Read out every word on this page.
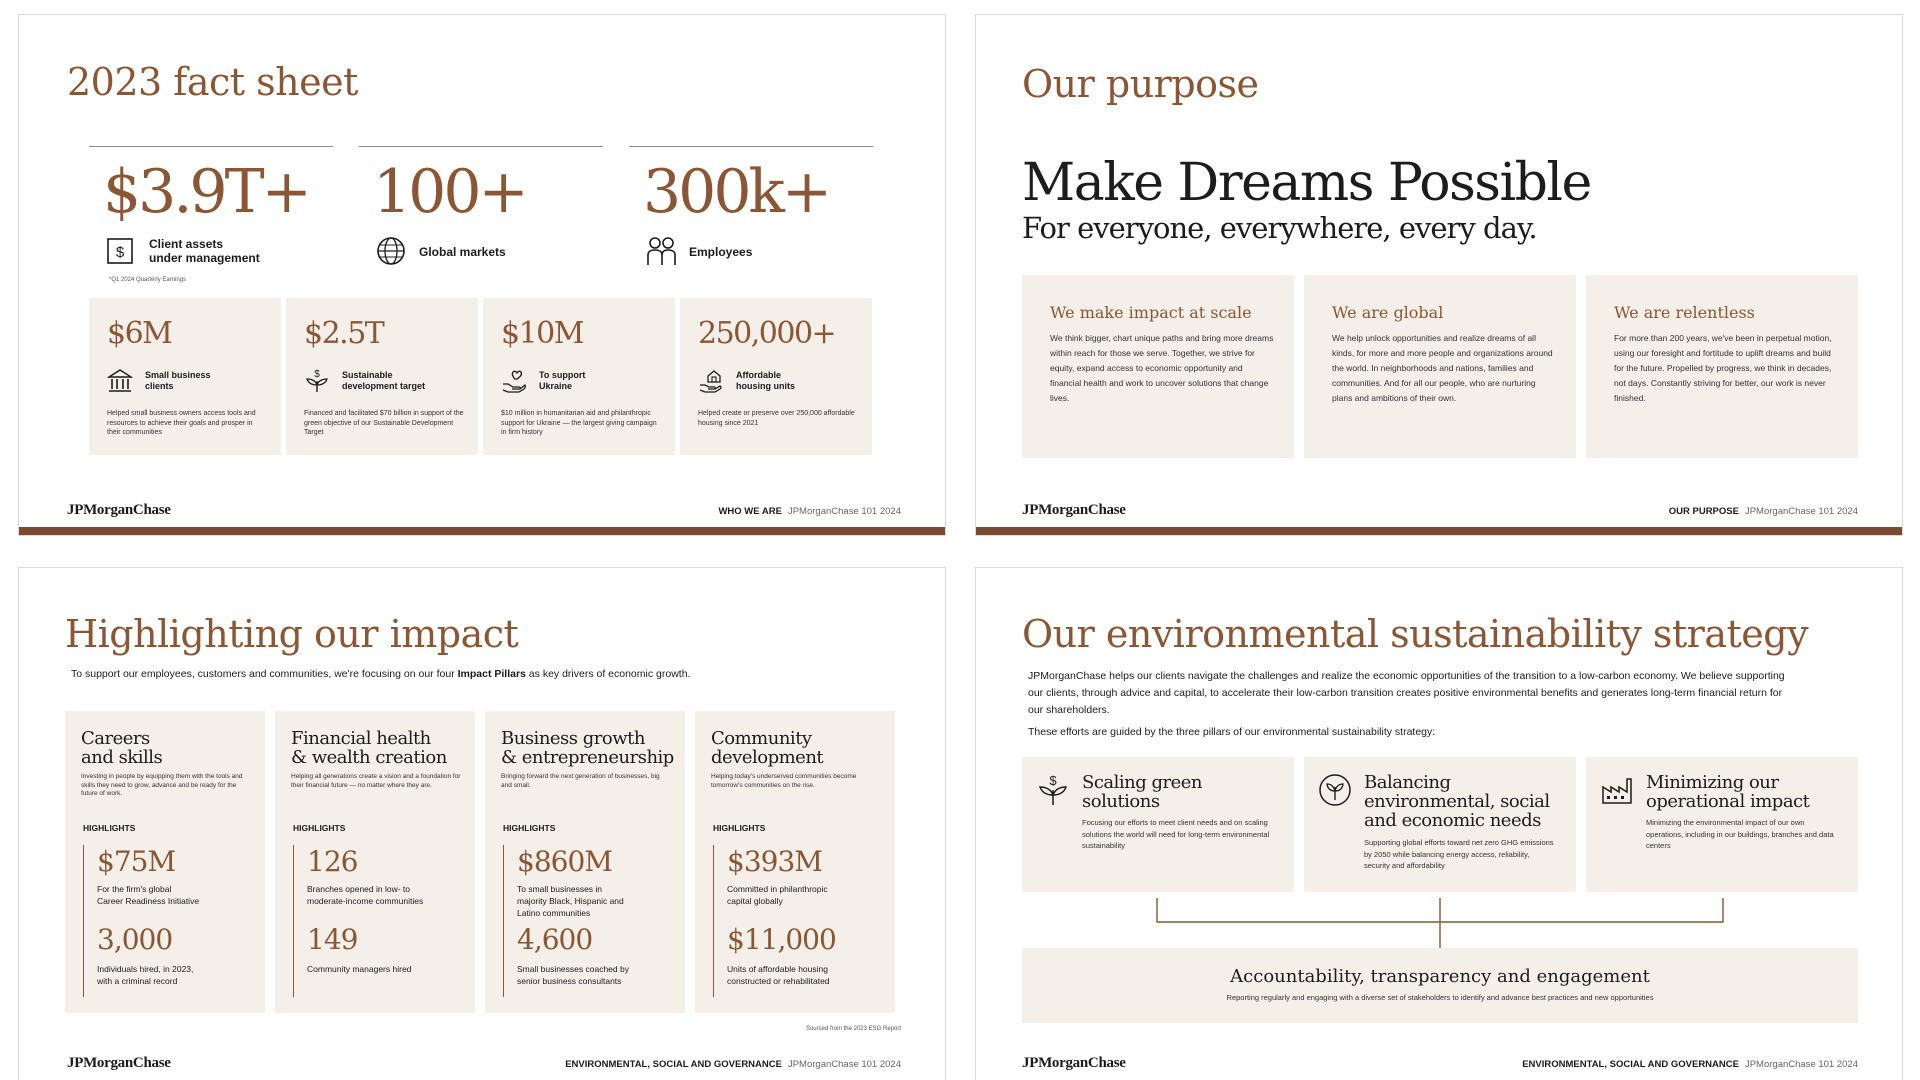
2023 fact sheet
$3.9T+
$ Client assets
under management
100+
Global markets
300k+
Employees
*Q1 2024 Quarterly Earnings
$6M
Small business
clients
Helped small business owners access tools and resources to achieve their goals and prosper in their communities
$2.5T
$ Sustainable
development target
Financed and facilitated $70 billion in support of the green objective of our Sustainable Development Target
$10M
To support
Ukraine
$10 million in humanitarian aid and philanthropic support for Ukraine — the largest giving campaign in firm history
250,000+
Affordable
housing units
Helped create or preserve over 250,000 affordable housing since 2021
JPMorganChase	WHO WE ARE JPMorganChase 101 2024
Our purpose
Make Dreams Possible
For everyone, everywhere, every day.
We make impact at scale
We think bigger, chart unique paths and bring more dreams within reach for those we serve. Together, we strive for equity, expand access to economic opportunity and financial health and work to uncover solutions that change lives.
We are global
We help unlock opportunities and realize dreams of all kinds, for more and more people and organizations around the world. In neighborhoods and nations, families and communities. And for all our people, who are nurturing plans and ambitions of their own.
We are relentless
For more than 200 years, we've been in perpetual motion, using our foresight and fortitude to uplift dreams and build for the future. Propelled by progress, we think in decades, not days. Constantly striving for better, our work is never finished.
JPMorganChase	OUR PURPOSE JPMorganChase 101 2024
Highlighting our impact
To support our employees, customers and communities, we're focusing on our four Impact Pillars as key drivers of economic growth.
Careers
and skills
Investing in people by equipping them with the tools and skills they need to grow, advance and be ready for the future of work.
HIGHLIGHTS
$75M
For the firm's global
Career Readiness Initiative
3,000
Individuals hired, in 2023,
with a criminal record
Financial health
& wealth creation
Helping all generations create a vision and a foundation for their financial future — no matter where they are.
HIGHLIGHTS
126
Branches opened in low- to
moderate-income communities
149
Community managers hired
Business growth
& entrepreneurship
Bringing forward the next generation of businesses, big and small.
HIGHLIGHTS
$860M
To small businesses in
majority Black, Hispanic and
Latino communities
4,600
Small businesses coached by
senior business consultants
Community
development
Helping today's underserved communities become tomorrow's communities on the rise.
HIGHLIGHTS
$393M
Committed in philanthropic
capital globally
$11,000
Units of affordable housing
constructed or rehabilitated
Sourced from the 2023 ESG Report
JPMorganChase	ENVIRONMENTAL, SOCIAL AND GOVERNANCE JPMorganChase 101 2024
Our environmental sustainability strategy
JPMorganChase helps our clients navigate the challenges and realize the economic opportunities of the transition to a low-carbon economy. We believe supporting our clients, through advice and capital, to accelerate their low-carbon transition creates positive environmental benefits and generates long-term financial return for our shareholders.
These efforts are guided by the three pillars of our environmental sustainability strategy:
$ Scaling green
solutions
Focusing our efforts to meet client needs and on scaling solutions the world will need for long-term environmental sustainability
Balancing
environmental, social
and economic needs
Supporting global efforts toward net zero GHG emissions by 2050 while balancing energy access, reliability, security and affordability
Minimizing our
operational impact
Minimizing the environmental impact of our own operations, including in our buildings, branches and data centers
Accountability, transparency and engagement
Reporting regularly and engaging with a diverse set of stakeholders to identify and advance best practices and new opportunities
JPMorganChase	ENVIRONMENTAL, SOCIAL AND GOVERNANCE JPMorganChase 101 2024
